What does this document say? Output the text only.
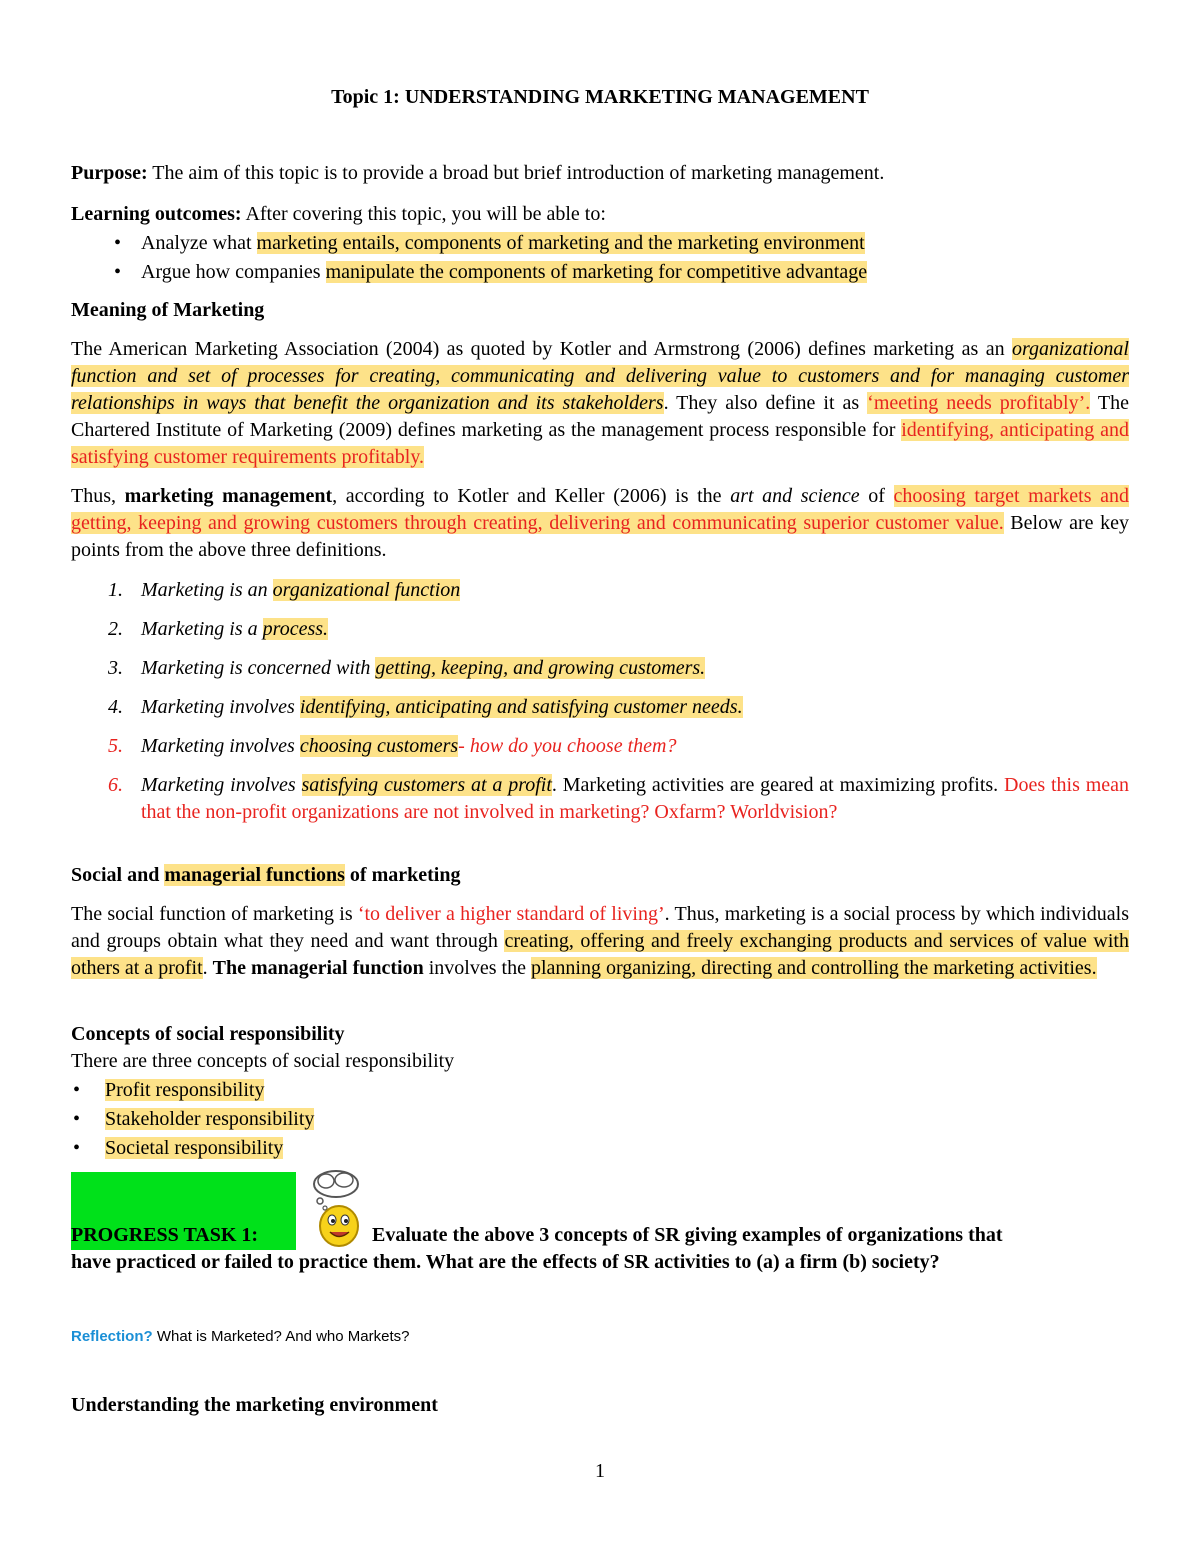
Topic 1: UNDERSTANDING MARKETING MANAGEMENT
Purpose: The aim of this topic is to provide a broad but brief introduction of marketing management.
Learning outcomes: After covering this topic, you will be able to:
• Analyze what marketing entails, components of marketing and the marketing environment
• Argue how companies manipulate the components of marketing for competitive advantage
Meaning of Marketing
The American Marketing Association (2004) as quoted by Kotler and Armstrong (2006) defines marketing as an organizational function and set of processes for creating, communicating and delivering value to customers and for managing customer relationships in ways that benefit the organization and its stakeholders. They also define it as ‘meeting needs profitably’. The Chartered Institute of Marketing (2009) defines marketing as the management process responsible for identifying, anticipating and satisfying customer requirements profitably.
Thus, marketing management, according to Kotler and Keller (2006) is the art and science of choosing target markets and getting, keeping and growing customers through creating, delivering and communicating superior customer value. Below are key points from the above three definitions.
1. Marketing is an organizational function
2. Marketing is a process.
3. Marketing is concerned with getting, keeping, and growing customers.
4. Marketing involves identifying, anticipating and satisfying customer needs.
5. Marketing involves choosing customers- how do you choose them?
6. Marketing involves satisfying customers at a profit. Marketing activities are geared at maximizing profits. Does this mean that the non-profit organizations are not involved in marketing? Oxfarm? Worldvision?
Social and managerial functions of marketing
The social function of marketing is ‘to deliver a higher standard of living’. Thus, marketing is a social process by which individuals and groups obtain what they need and want through creating, offering and freely exchanging products and services of value with others at a profit. The managerial function involves the planning organizing, directing and controlling the marketing activities.
Concepts of social responsibility
There are three concepts of social responsibility
• Profit responsibility
• Stakeholder responsibility
• Societal responsibility
PROGRESS TASK 1:	Evaluate the above 3 concepts of SR giving examples of organizations that
have practiced or failed to practice them. What are the effects of SR activities to (a) a firm (b) society?
Reflection? What is Marketed? And who Markets?
Understanding the marketing environment
1
